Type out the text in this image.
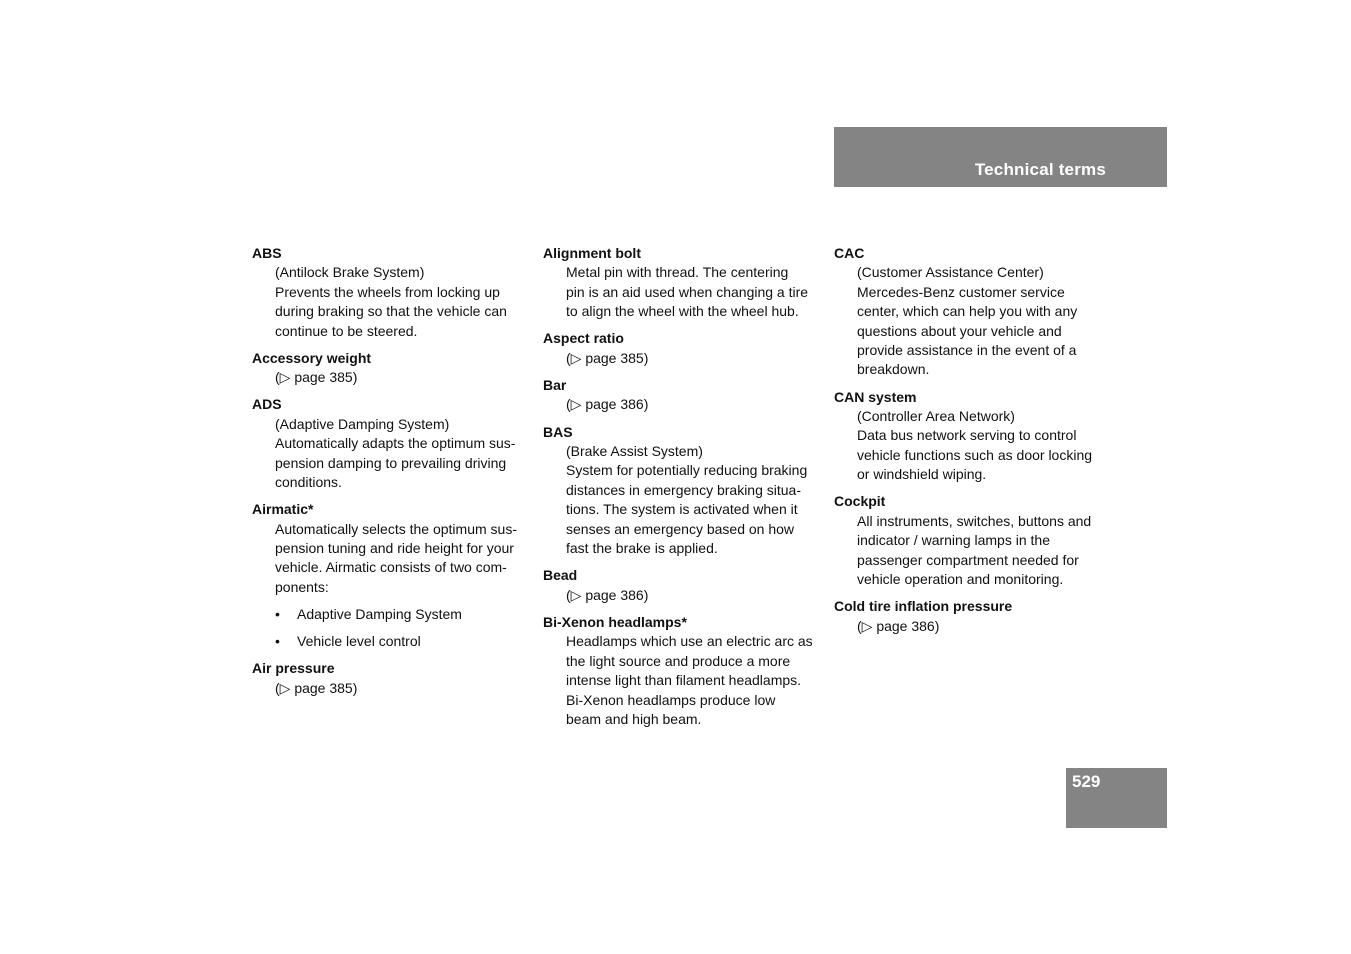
Technical terms
529
ABS
(Antilock Brake System)
Prevents the wheels from locking up
during braking so that the vehicle can
continue to be steered.
Accessory weight
(▷ page 385)
ADS
(Adaptive Damping System)
Automatically adapts the optimum sus-
pension damping to prevailing driving
conditions.
Airmatic*
Automatically selects the optimum sus-
pension tuning and ride height for your
vehicle. Airmatic consists of two com-
ponents:
• Adaptive Damping System
• Vehicle level control
Air pressure
(▷ page 385)
Alignment bolt
Metal pin with thread. The centering
pin is an aid used when changing a tire
to align the wheel with the wheel hub.
Aspect ratio
(▷ page 385)
Bar
(▷ page 386)
BAS
(Brake Assist System)
System for potentially reducing braking
distances in emergency braking situa-
tions. The system is activated when it
senses an emergency based on how
fast the brake is applied.
Bead
(▷ page 386)
Bi-Xenon headlamps*
Headlamps which use an electric arc as
the light source and produce a more
intense light than filament headlamps.
Bi-Xenon headlamps produce low
beam and high beam.
CAC
(Customer Assistance Center)
Mercedes-Benz customer service
center, which can help you with any
questions about your vehicle and
provide assistance in the event of a
breakdown.
CAN system
(Controller Area Network)
Data bus network serving to control
vehicle functions such as door locking
or windshield wiping.
Cockpit
All instruments, switches, buttons and
indicator / warning lamps in the
passenger compartment needed for
vehicle operation and monitoring.
Cold tire inflation pressure
(▷ page 386)
